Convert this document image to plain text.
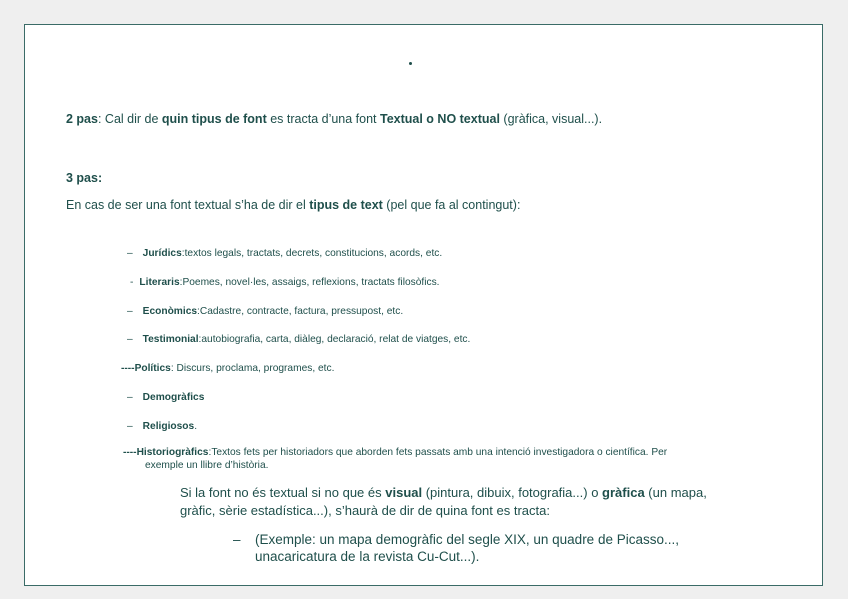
2 pas: Cal dir de quin tipus de font es tracta d’una font Textual o NO textual (gràfica, visual...).
3 pas:
En cas de ser una font textual s’ha de dir el tipus de text (pel que fa al contingut):
– Jurídics:textos legals, tractats, decrets, constitucions, acords, etc.
- Literaris:Poemes, novel·les, assaigs, reflexions, tractats filosòfics.
– Econòmics:Cadastre, contracte, factura, pressupost, etc.
– Testimonial:autobiografia, carta, diàleg, declaració, relat de viatges, etc.
----Polítics: Discurs, proclama, programes, etc.
– Demogràfics
– Religiosos.
----Historiogràfics:Textos fets per historiadors que aborden fets passats amb una intenció investigadora o científica. Per
exemple un llibre d’història.
Si la font no és textual si no que és visual (pintura, dibuix, fotografia...) o gràfica (un mapa,
gràfic, sèrie estadística...), s’haurà de dir de quina font es tracta:
– (Exemple: un mapa demogràfic del segle XIX, un quadre de Picasso...,
unacaricatura de la revista Cu-Cut...).
